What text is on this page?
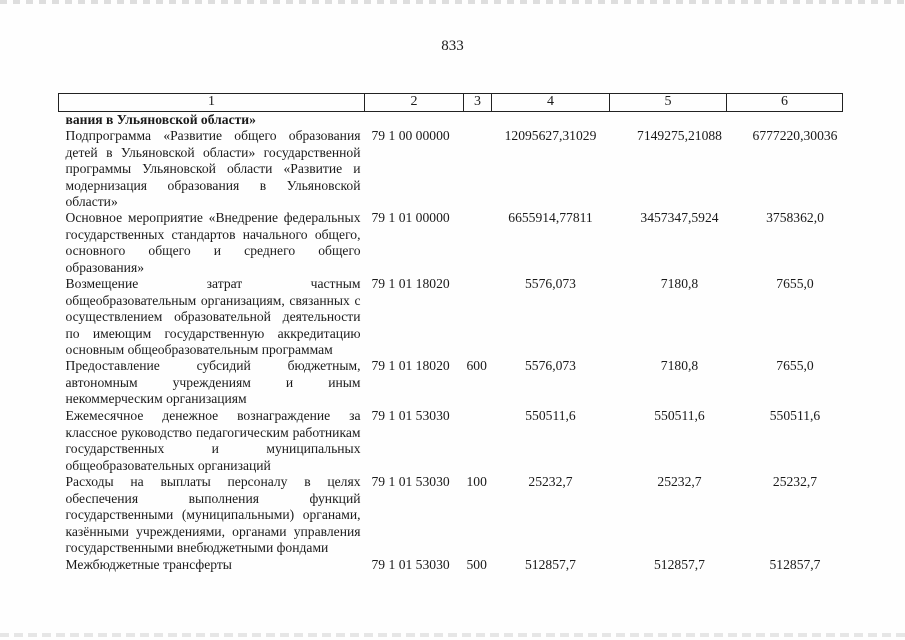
833
1	2	3	4	5	6
вания в Ульяновской области»					
Подпрограмма «Развитие общего образования детей в Ульяновской области» государственной программы Ульяновской области «Развитие и модернизация образования в Ульяновской области»	79 1 00 00000		12095627,31029	7149275,21088	6777220,30036
Основное мероприятие «Внедрение федеральных государственных стандартов начального общего, основного общего и среднего общего образования»	79 1 01 00000		6655914,77811	3457347,5924	3758362,0
Возмещение затрат частным общеобразовательным организациям, связанных с осуществлением образовательной деятельности по имеющим государственную аккредитацию основным общеобразовательным программам	79 1 01 18020		5576,073	7180,8	7655,0
Предоставление субсидий бюджетным, автономным учреждениям и иным некоммерческим организациям	79 1 01 18020	600	5576,073	7180,8	7655,0
Ежемесячное денежное вознаграждение за классное руководство педагогическим работникам государственных и муниципальных общеобразовательных организаций	79 1 01 53030		550511,6	550511,6	550511,6
Расходы на выплаты персоналу в целях обеспечения выполнения функций государственными (муниципальными) органами, казёнными учреждениями, органами управления государственными внебюджетными фондами	79 1 01 53030	100	25232,7	25232,7	25232,7
Межбюджетные трансферты	79 1 01 53030	500	512857,7	512857,7	512857,7
